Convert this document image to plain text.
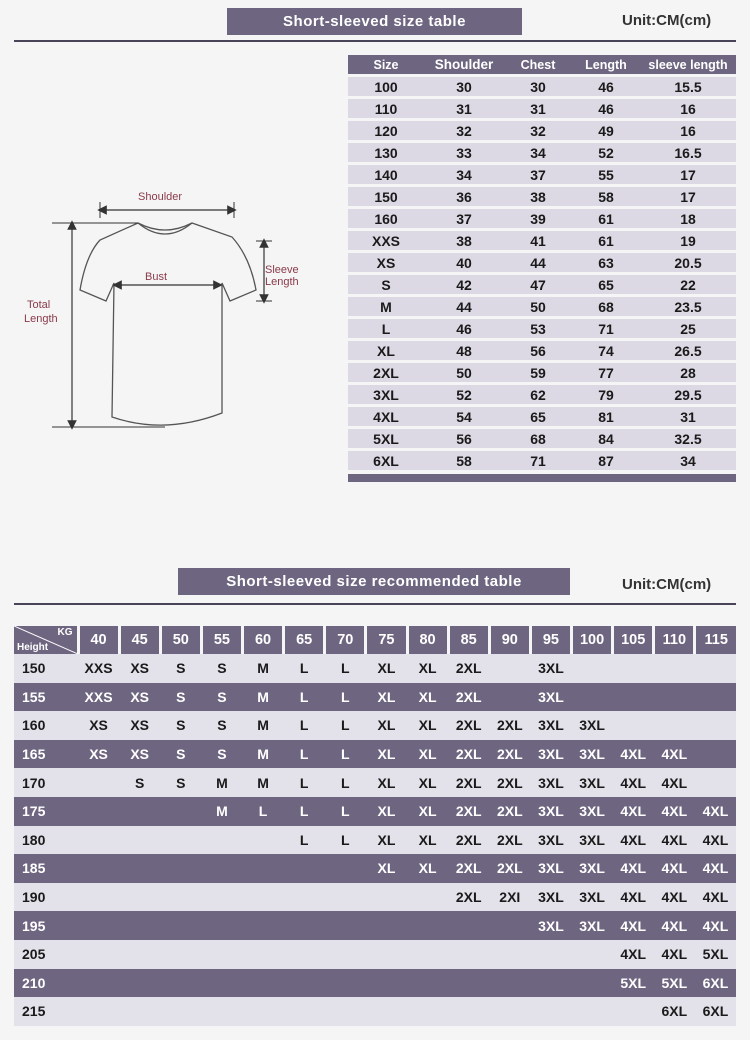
Short-sleeved size table	Unit:CM(cm)
Shoulder
Bust
Sleeve
Length
Total
Length
Size	Shoulder	Chest	Length	sleeve length
100	30	30	46	15.5
110	31	31	46	16
120	32	32	49	16
130	33	34	52	16.5
140	34	37	55	17
150	36	38	58	17
160	37	39	61	18
XXS	38	41	61	19
XS	40	44	63	20.5
S	42	47	65	22
M	44	50	68	23.5
L	46	53	71	25
XL	48	56	74	26.5
2XL	50	59	77	28
3XL	52	62	79	29.5
4XL	54	65	81	31
5XL	56	68	84	32.5
6XL	58	71	87	34

Short-sleeved size recommended table	Unit:CM(cm)
KG
Height	40	45	50	55	60	65	70	75	80	85	90	95	100	105	110	115
150	XXS	XS	S	S	M	L	L	XL	XL	2XL		3XL				
155	XXS	XS	S	S	M	L	L	XL	XL	2XL		3XL				
160	XS	XS	S	S	M	L	L	XL	XL	2XL	2XL	3XL	3XL			
165	XS	XS	S	S	M	L	L	XL	XL	2XL	2XL	3XL	3XL	4XL	4XL	
170		S	S	M	M	L	L	XL	XL	2XL	2XL	3XL	3XL	4XL	4XL	
175				M	L	L	L	XL	XL	2XL	2XL	3XL	3XL	4XL	4XL	4XL
180						L	L	XL	XL	2XL	2XL	3XL	3XL	4XL	4XL	4XL
185								XL	XL	2XL	2XL	3XL	3XL	4XL	4XL	4XL
190										2XL	2XI	3XL	3XL	4XL	4XL	4XL
195												3XL	3XL	4XL	4XL	4XL
205														4XL	4XL	5XL
210														5XL	5XL	6XL
215															6XL	6XL
